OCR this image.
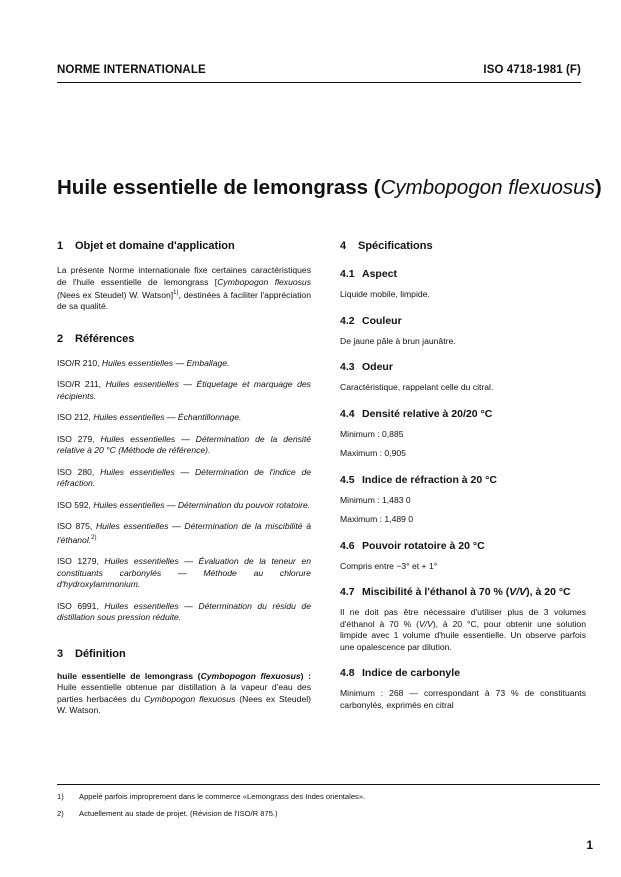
NORME INTERNATIONALE	ISO 4718-1981 (F)
Huile essentielle de lemongrass (Cymbopogon flexuosus)
1 Objet et domaine d'application

La présente Norme internationale fixe certaines caractéristiques de l'huile essentielle de lemongrass [Cymbopogon flexuosus (Nees ex Steudel) W. Watson]$^{1)}$, destinées à faciliter l'appréciation de sa qualité.

2 Références

ISO/R 210, Huiles essentielles — Emballage.

ISO/R 211, Huiles essentielles — Étiquetage et marquage des récipients.

ISO 212, Huiles essentielles — Échantillonnage.

ISO 279, Huiles essentielles — Détermination de la densité relative à 20 °C (Méthode de référence).

ISO 280, Huiles essentielles — Détermination de l'indice de réfraction.

ISO 592, Huiles essentielles — Détermination du pouvoir rotatoire.

ISO 875, Huiles essentielles — Détermination de la miscibilité à l'éthanol.$^{2)}$

ISO 1279, Huiles essentielles — Évaluation de la teneur en constituants carbonylés — Méthode au chlorure d'hydroxylammonium.

ISO 6991, Huiles essentielles — Détermination du résidu de distillation sous pression réduite.

3 Définition

huile essentielle de lemongrass (Cymbopogon flexuosus) : Huile essentielle obtenue par distillation à la vapeur d'eau des parties herbacées du Cymbopogon flexuosus (Nees ex Steudel) W. Watson.

4 Spécifications
4.1 Aspect

Liquide mobile, limpide.

4.2 Couleur

De jaune pâle à brun jaunâtre.

4.3 Odeur

Caractéristique, rappelant celle du citral.

4.4 Densité relative à 20/20 °C

Minimum : 0,885

Maximum : 0,905

4.5 Indice de réfraction à 20 °C

Minimum : 1,483 0

Maximum : 1,489 0

4.6 Pouvoir rotatoire à 20 °C

Compris entre −3° et + 1°

4.7 Miscibilité à l'éthanol à 70 % (V/V), à 20 °C

Il ne doit pas être nécessaire d'utiliser plus de 3 volumes d'éthanol à 70 % (V/V), à 20 °C, pour obtenir une solution limpide avec 1 volume d'huile essentielle. Un observe parfois une opalescence par dilution.

4.8 Indice de carbonyle

Minimum : 268 — correspondant à 73 % de constituants carbonylés, exprimés en citral

1) Appelé parfois improprement dans le commerce «Lemongrass des Indes orientales».
2) Actuellement au stade de projet. (Révision de l'ISO/R 875.)
1
